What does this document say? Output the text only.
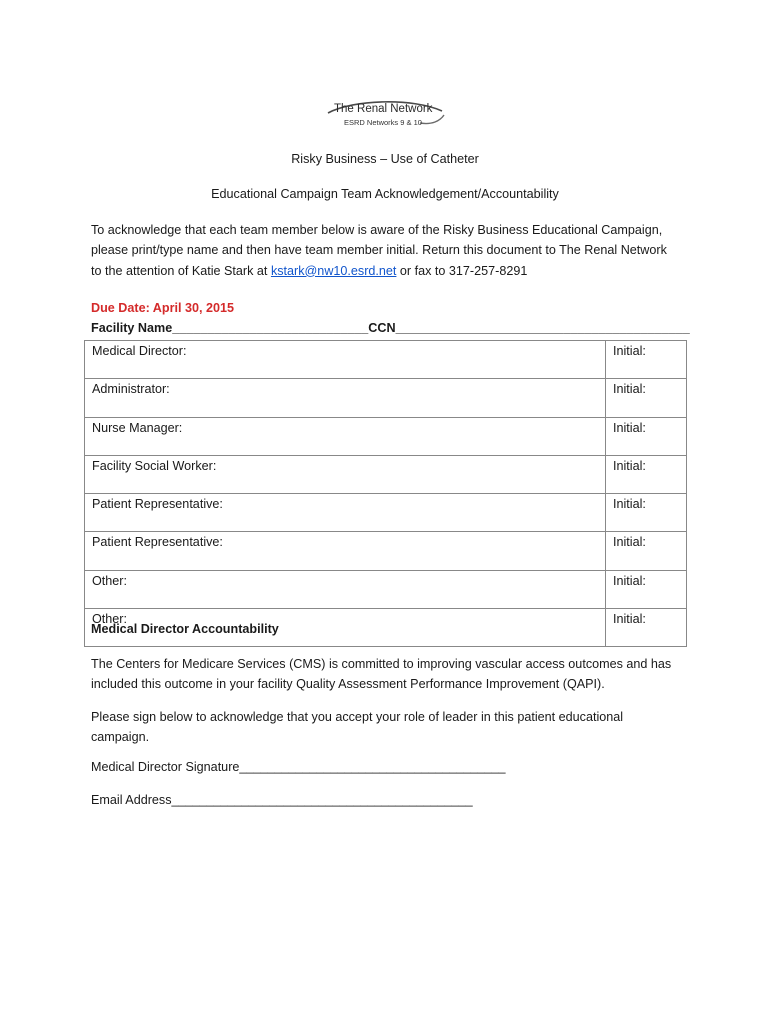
The Renal Network
ESRD Networks 9 & 10
Risky Business – Use of Catheter
Educational Campaign Team Acknowledgement/Accountability
To acknowledge that each team member below is aware of the Risky Business Educational Campaign,
please print/type name and then have team member initial. Return this document to The Renal Network
to the attention of Katie Stark at kstark@nw10.esrd.net or fax to 317-257-8291
Due Date: April 30, 2015
Facility Name____________________________CCN__________________________________________
Medical Director:	Initial:
Administrator:	Initial:
Nurse Manager:	Initial:
Facility Social Worker:	Initial:
Patient Representative:	Initial:
Patient Representative:	Initial:
Other:	Initial:
Other:	Initial:
Medical Director Accountability
The Centers for Medicare Services (CMS) is committed to improving vascular access outcomes and has
included this outcome in your facility Quality Assessment Performance Improvement (QAPI).
Please sign below to acknowledge that you accept your role of leader in this patient educational
campaign.
Medical Director Signature______________________________________
Email Address___________________________________________
